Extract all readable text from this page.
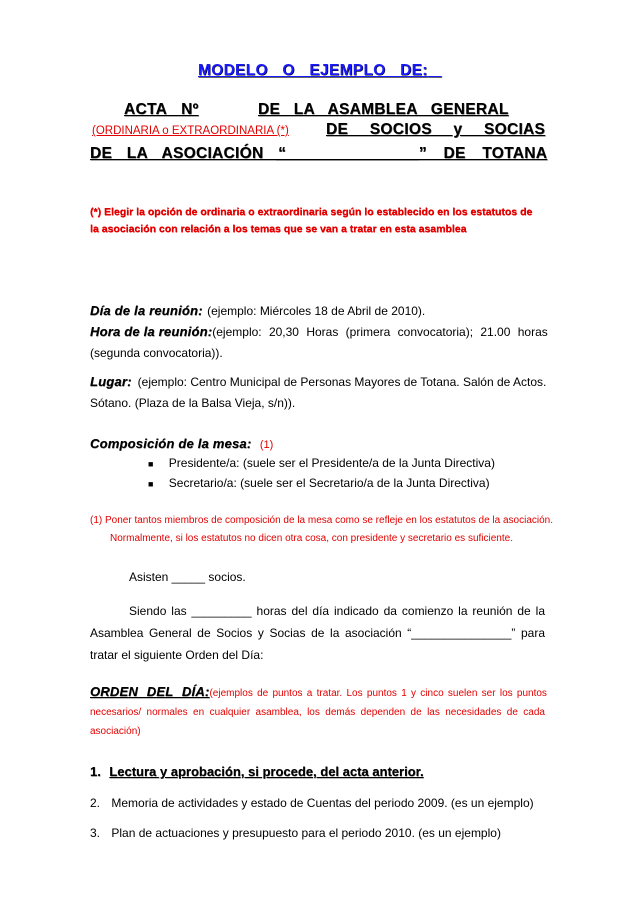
MODELO O EJEMPLO DE:
ACTA Nº	DE LA ASAMBLEA GENERAL
(ORDINARIA o EXTRAORDINARIA (*) DE SOCIOS y SOCIAS
DE LA ASOCIACIÓN “
________________ ” DE TOTANA
(*) Elegir la opción de ordinaria o extraordinaria según lo establecido en los estatutos de
la asociación con relación a los temas que se van a tratar en esta asamblea
Día de la reunión: (ejemplo: Miércoles 18 de Abril de 2010).
Hora de la reunión: (ejemplo: 20,30 Horas (primera convocatoria); 21.00 horas
(segunda convocatoria)).
Lugar: (ejemplo: Centro Municipal de Personas Mayores de Totana. Salón de Actos.
Sótano. (Plaza de la Balsa Vieja, s/n)).
Composición de la mesa: (1)
■ Presidente/a: (suele ser el Presidente/a de la Junta Directiva)
■ Secretario/a: (suele ser el Secretario/a de la Junta Directiva)
(1) Poner tantos miembros de composición de la mesa como se refleje en los estatutos de la asociación.
Normalmente, si los estatutos no dicen otra cosa, con presidente y secretario es suficiente.
Asisten _____ socios.
Siendo las _________ horas del día indicado da comienzo la reunión de la
Asamblea General de Socios y Socias de la asociación “_______________” para
tratar el siguiente Orden del Día:
ORDEN DEL DÍA: (ejemplos de puntos a tratar. Los puntos 1 y cinco suelen ser los puntos
necesarios/ normales en cualquier asamblea, los demás dependen de las necesidades de cada
asociación)
1. Lectura y aprobación, si procede, del acta anterior.
2. Memoria de actividades y estado de Cuentas del periodo 2009. (es un ejemplo)
3. Plan de actuaciones y presupuesto para el periodo 2010. (es un ejemplo)
